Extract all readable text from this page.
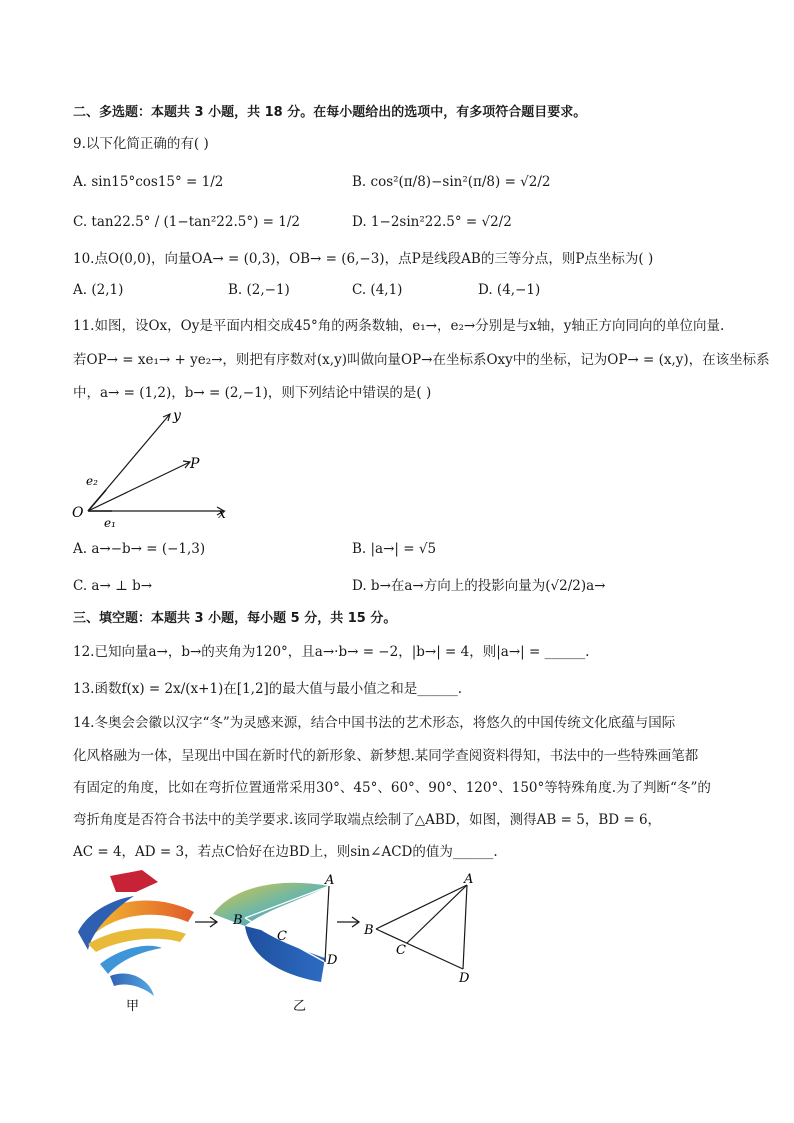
二、多选题：本题共 3 小题，共 18 分。在每小题给出的选项中，有多项符合题目要求。
9.以下化简正确的有( )
A. sin15°cos15° = 1/2	B. cos²(π/8)−sin²(π/8) = √2/2
C. tan22.5° / (1−tan²22.5°) = 1/2	D. 1−2sin²22.5° = √2/2
10.点O(0,0)，向量OA→ = (0,3)，OB→ = (6,−3)，点P是线段AB的三等分点，则P点坐标为( )
A. (2,1)	B. (2,−1)	C. (4,1)	D. (4,−1)
11.如图，设Ox，Oy是平面内相交成45°角的两条数轴，e₁→，e₂→分别是与x轴，y轴正方向同向的单位向量.
若OP→ = xe₁→ + ye₂→，则把有序数对(x,y)叫做向量OP→在坐标系Oxy中的坐标，记为OP→ = (x,y)，在该坐标系
中，a→ = (1,2)，b→ = (2,−1)，则下列结论中错误的是( )
y
P
O	x
e₁
e₂
A. a→−b→ = (−1,3)	B. |a→| = √5
C. a→ ⊥ b→	D. b→在a→方向上的投影向量为(√2/2)a→
三、填空题：本题共 3 小题，每小题 5 分，共 15 分。
12.已知向量a→，b→的夹角为120°，且a→·b→ = −2，|b→| = 4，则|a→| = ______.
13.函数f(x) = 2x/(x+1)在[1,2]的最大值与最小值之和是______.
14.冬奥会会徽以汉字“冬”为灵感来源，结合中国书法的艺术形态，将悠久的中国传统文化底蕴与国际
化风格融为一体，呈现出中国在新时代的新形象、新梦想.某同学查阅资料得知，书法中的一些特殊画笔都
有固定的角度，比如在弯折位置通常采用30°、45°、60°、90°、120°、150°等特殊角度.为了判断“冬”的
弯折角度是否符合书法中的美学要求.该同学取端点绘制了△ABD，如图，测得AB = 5，BD = 6，
AC = 4，AD = 3，若点C恰好在边BD上，则sin∠ACD的值为______.
甲
A
B
C
D
乙
A
B
C
D
